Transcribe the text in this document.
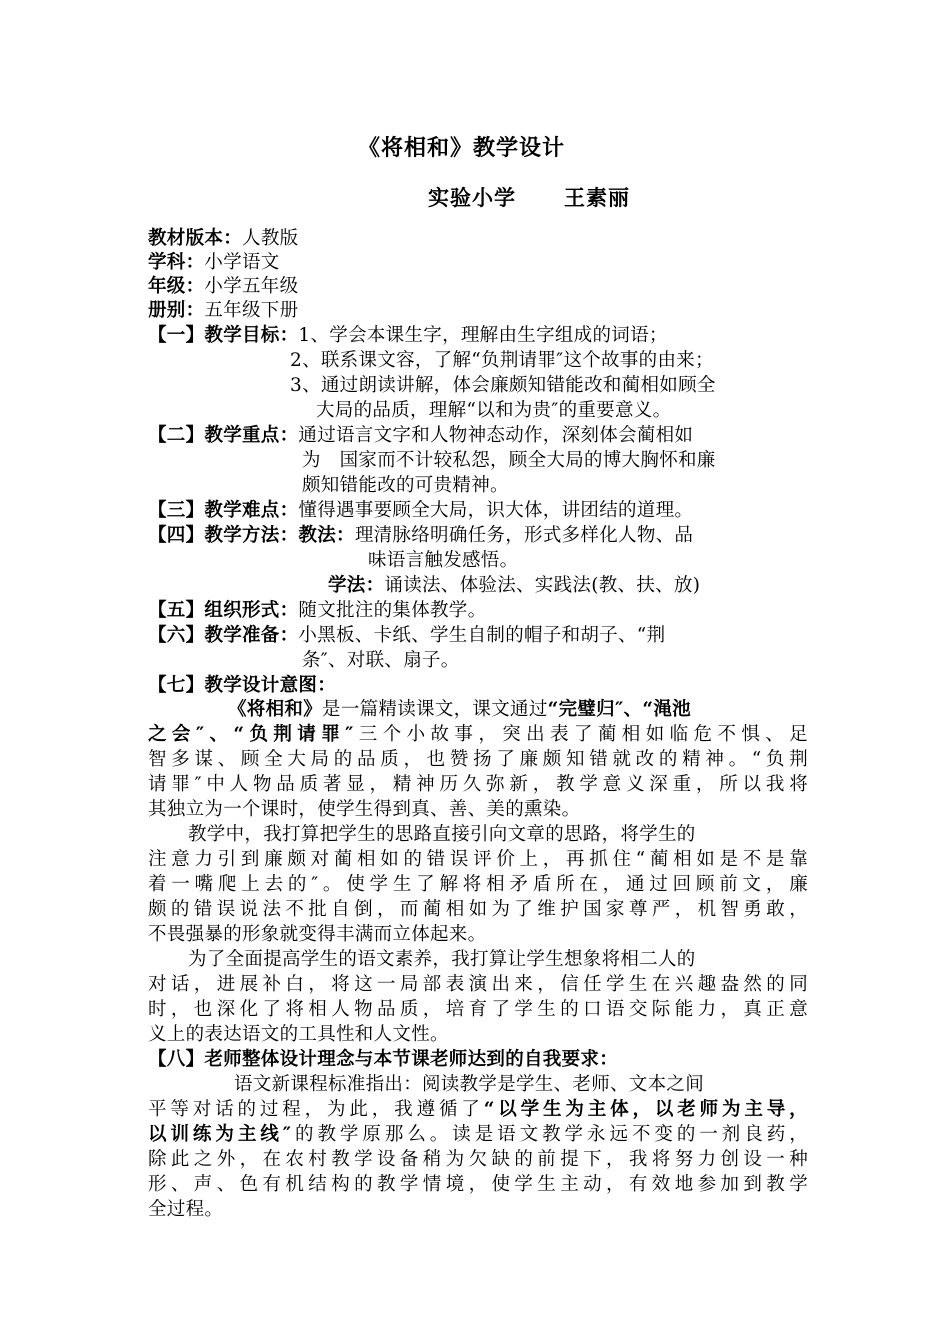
《将相和》教学设计
实验小学 王素丽
教材版本：人教版
学科：小学语文
年级：小学五年级
册别：五年级下册
【一】教学目标：1、学会本课生字，理解由生字组成的词语；
2、联系课文容，了解“负荆请罪″这个故事的由来；
3、通过朗读讲解，体会廉颇知错能改和蔺相如顾全
大局的品质，理解“以和为贵″的重要意义。
【二】教学重点：通过语言文字和人物神态动作，深刻体会蔺相如
为　国家而不计较私怨，顾全大局的博大胸怀和廉
颇知错能改的可贵精神。
【三】教学难点：懂得遇事要顾全大局，识大体，讲团结的道理。
【四】教学方法：教法：理清脉络明确任务，形式多样化人物、品
味语言触发感悟。
学法：诵读法、体验法、实践法(教、扶、放)
【五】组织形式：随文批注的集体教学。
【六】教学准备：小黑板、卡纸、学生自制的帽子和胡子、“荆
条″、对联、扇子。
【七】教学设计意图：
《将相和》是一篇精读课文，课文通过“完璧归″、“渑池
之会″、“负荆请罪″三个小故事，突出表了蔺相如临危不惧、足
智多谋、顾全大局的品质，也赞扬了廉颇知错就改的精神。“负荆
请罪″中人物品质著显，精神历久弥新，教学意义深重，所以我将
其独立为一个课时，使学生得到真、善、美的熏染。
教学中，我打算把学生的思路直接引向文章的思路，将学生的
注意力引到廉颇对蔺相如的错误评价上，再抓住“蔺相如是不是靠
着一嘴爬上去的″。使学生了解将相矛盾所在，通过回顾前文，廉
颇的错误说法不批自倒，而蔺相如为了维护国家尊严，机智勇敢，
不畏强暴的形象就变得丰满而立体起来。
为了全面提高学生的语文素养，我打算让学生想象将相二人的
对话，进展补白，将这一局部表演出来，信任学生在兴趣盎然的同
时，也深化了将相人物品质，培育了学生的口语交际能力，真正意
义上的表达语文的工具性和人文性。
【八】老师整体设计理念与本节课老师达到的自我要求：
语文新课程标准指出：阅读教学是学生、老师、文本之间
平等对话的过程，为此，我遵循了“以学生为主体，以老师为主导，
以训练为主线″的教学原那么。读是语文教学永远不变的一剂良药，
除此之外，在农村教学设备稍为欠缺的前提下，我将努力创设一种
形、声、色有机结构的教学情境，使学生主动，有效地参加到教学
全过程。
